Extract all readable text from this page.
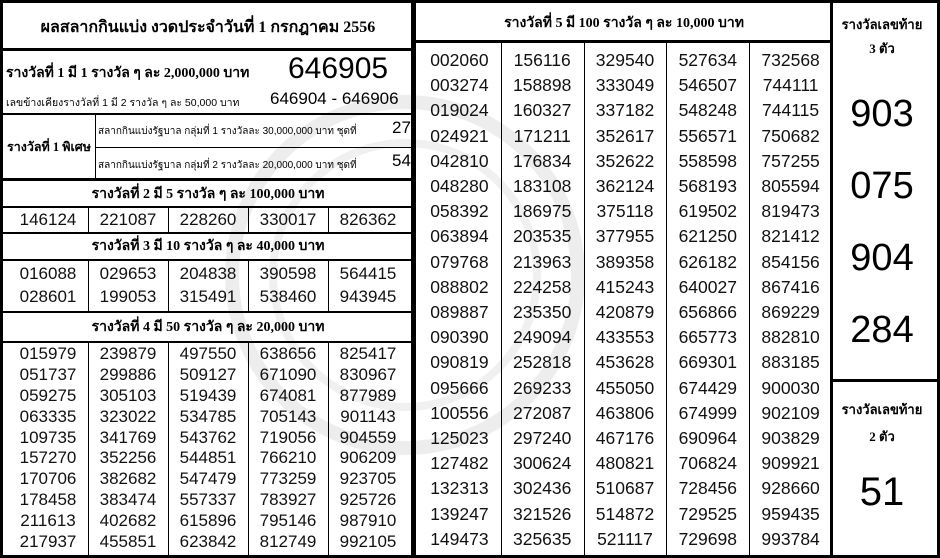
ผลสลากกินแบ่ง งวดประจำวันที่ 1 กรกฎาคม 2556
รางวัลที่ 1 มี 1 รางวัล ๆ ละ 2,000,000 บาท 646905
เลขข้างเคียงรางวัลที่ 1 มี 2 รางวัล ๆ ละ 50,000 บาท 646904 - 646906
รางวัลที่ 1 พิเศษ
สลากกินแบ่งรัฐบาล กลุ่มที่ 1 รางวัลละ 30,000,000 บาท ชุดที่ 27
สลากกินแบ่งรัฐบาล กลุ่มที่ 2 รางวัลละ 20,000,000 บาท ชุดที่ 54
รางวัลที่ 2 มี 5 รางวัล ๆ ละ 100,000 บาท
146124	221087	228260	330017	826362
รางวัลที่ 3 มี 10 รางวัล ๆ ละ 40,000 บาท
016088	029653	204838	390598	564415
028601	199053	315491	538460	943945
รางวัลที่ 4 มี 50 รางวัล ๆ ละ 20,000 บาท
015979	239879	497550	638656	825417
051737	299886	509127	671090	830967
059275	305103	519439	674081	877989
063335	323022	534785	705143	901143
109735	341769	543762	719056	904559
157270	352256	544851	766210	906209
170706	382682	547479	773259	923705
178458	383474	557337	783927	925726
211613	402682	615896	795146	987910
217937	455851	623842	812749	992105
รางวัลที่ 5 มี 100 รางวัล ๆ ละ 10,000 บาท
002060	156116	329540	527634	732568
003274	158898	333049	546507	744111
019024	160327	337182	548248	744115
024921	171211	352617	556571	750682
042810	176834	352622	558598	757255
048280	183108	362124	568193	805594
058392	186975	375118	619502	819473
063894	203535	377955	621250	821412
079768	213963	389358	626182	854156
088802	224258	415243	640027	867416
089887	235350	420879	656866	869229
090390	249094	433553	665773	882810
090819	252818	453628	669301	883185
095666	269233	455050	674429	900030
100556	272087	463806	674999	902109
125023	297240	467176	690964	903829
127482	300624	480821	706824	909921
132313	302436	510687	728456	928660
139247	321526	514872	729525	959435
149473	325635	521117	729698	993784
รางวัลเลขท้าย
3 ตัว
903
075
904
284
รางวัลเลขท้าย
2 ตัว
51
